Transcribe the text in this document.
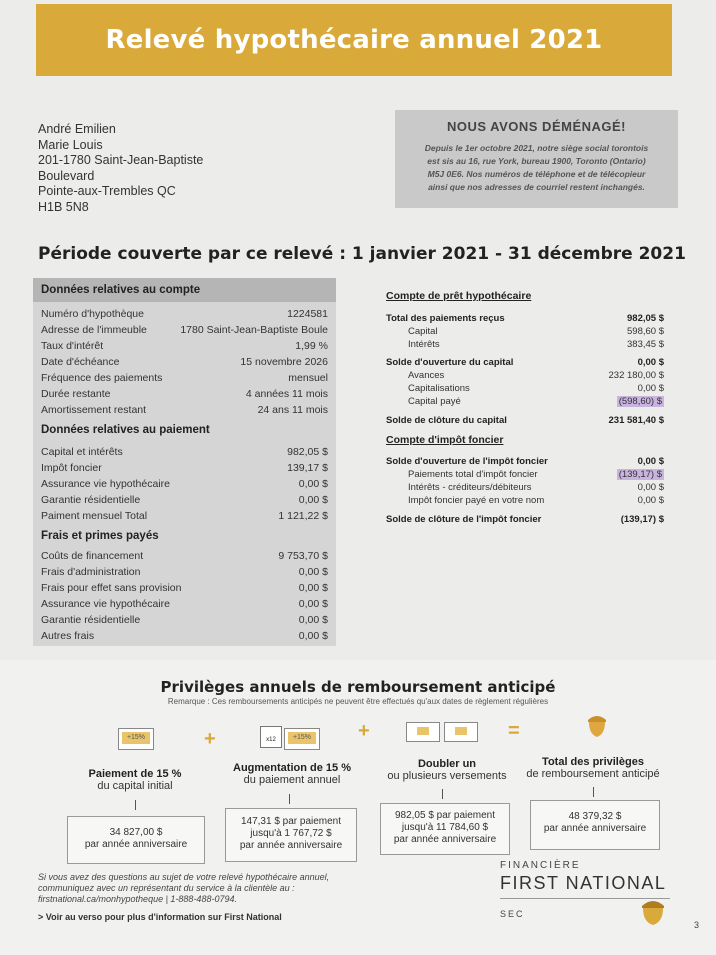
Relevé hypothécaire annuel 2021
André Emilien
Marie Louis
201-1780 Saint-Jean-Baptiste
Boulevard
Pointe-aux-Trembles QC
H1B 5N8
NOUS AVONS DÉMÉNAGÉ!

Depuis le 1er octobre 2021, notre siège social torontois
est sis au 16, rue York, bureau 1900, Toronto (Ontario)
M5J 0E6. Nos numéros de téléphone et de télécopieur
ainsi que nos adresses de courriel restent inchangés.

Période couverte par ce relevé : 1 janvier 2021 - 31 décembre 2021
Données relatives au compte
Numéro d'hypothèque	1224581
Adresse de l'immeuble	1780 Saint-Jean-Baptiste Boule
Taux d'intérêt	1,99 %
Date d'échéance	15 novembre 2026
Fréquence des paiements	mensuel
Durée restante	4 années 11 mois
Amortissement restant	24 ans 11 mois
Données relatives au paiement
Capital et intérêts	982,05 $
Impôt foncier	139,17 $
Assurance vie hypothécaire	0,00 $
Garantie résidentielle	0,00 $
Paiment mensuel Total	1 121,22 $
Frais et primes payés
Coûts de financement	9 753,70 $
Frais d'administration	0,00 $
Frais pour effet sans provision	0,00 $
Assurance vie hypothécaire	0,00 $
Garantie résidentielle	0,00 $
Autres frais	0,00 $
Compte de prêt hypothécaire
Total des paiements reçus	982,05 $
Capital	598,60 $
Intérêts	383,45 $
Solde d'ouverture du capital	0,00 $
Avances	232 180,00 $
Capitalisations	0,00 $
Capital payé	(598,60) $
Solde de clôture du capital	231 581,40 $
Compte d'impôt foncier
Solde d'ouverture de l'impôt foncier	0,00 $
Paiements total d'impôt foncier	(139,17) $
Intérêts - créditeurs/débiteurs	0,00 $
Impôt foncier payé en votre nom	0,00 $
Solde de clôture de l'impôt foncier	(139,17) $
Privilèges annuels de remboursement anticipé
Remarque : Ces remboursements anticipés ne peuvent être effectués qu'aux dates de règlement régulières
+15%	+	x12	+15% +	=
Paiement de 15 %
du capital initial
Augmentation de 15 %
du paiement annuel
Doubler un
ou plusieurs versements
Total des privilèges
de remboursement anticipé
34 827,00 $
par année anniversaire
147,31 $ par paiement
jusqu'à 1 767,72 $
par année anniversaire
982,05 $ par paiement
jusqu'à 11 784,60 $
par année anniversaire
48 379,32 $
par année anniversaire
Si vous avez des questions au sujet de votre relevé hypothécaire annuel,
communiquez avec un représentant du service à la clientèle au :
firstnational.ca/monhypotheque | 1-888-488-0794.
> Voir au verso pour plus d'information sur First National
FINANCIÈRE
FIRST NATIONAL
SEC
3
